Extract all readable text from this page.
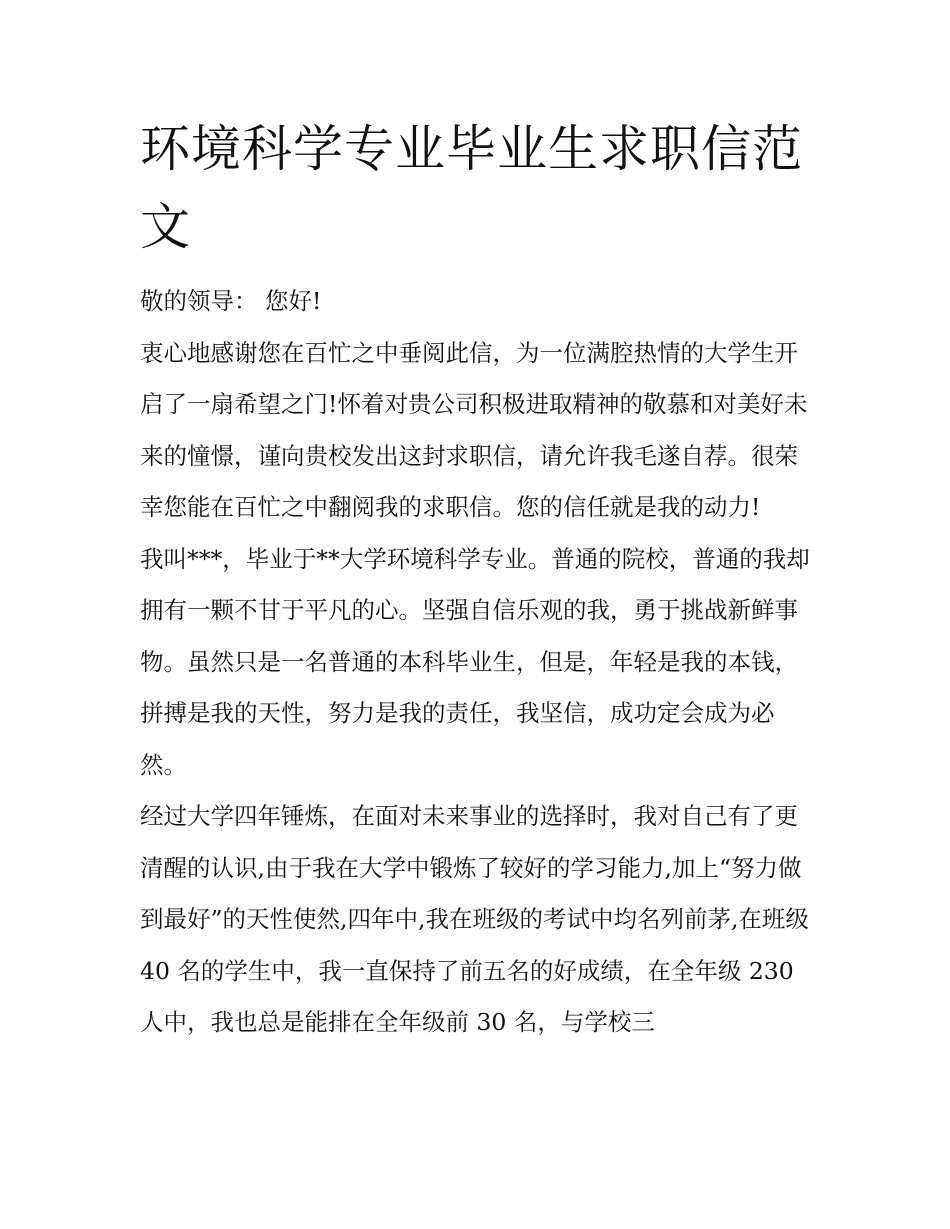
环境科学专业毕业生求职信范文

敬的领导： 您好!

衷心地感谢您在百忙之中垂阅此信，为一位满腔热情的大学生开启了一扇希望之门!怀着对贵公司积极进取精神的敬慕和对美好未来的憧憬，谨向贵校发出这封求职信，请允许我毛遂自荐。很荣幸您能在百忙之中翻阅我的求职信。您的信任就是我的动力!

我叫***，毕业于**大学环境科学专业。普通的院校，普通的我却拥有一颗不甘于平凡的心。坚强自信乐观的我，勇于挑战新鲜事物。虽然只是一名普通的本科毕业生，但是，年轻是我的本钱，拼搏是我的天性，努力是我的责任，我坚信，成功定会成为必然。

经过大学四年锤炼，在面对未来事业的选择时，我对自己有了更清醒的认识,由于我在大学中锻炼了较好的学习能力,加上“努力做到最好”的天性使然,四年中,我在班级的考试中均名列前茅,在班级 40 名的学生中，我一直保持了前五名的好成绩，在全年级 230 人中，我也总是能排在全年级前 30 名，与学校三
